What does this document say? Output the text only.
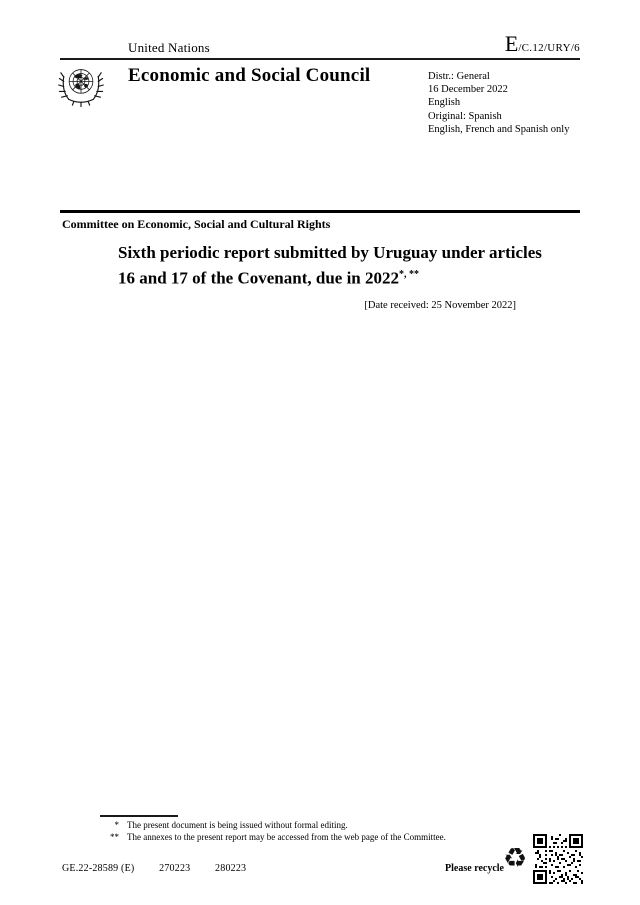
United Nations	E/C.12/URY/6
Economic and Social Council	Distr.: General
16 December 2022
English
Original: Spanish
English, French and Spanish only
Committee on Economic, Social and Cultural Rights
Sixth periodic report submitted by Uruguay under articles 16 and 17 of the Covenant, due in 2022*, **
[Date received: 25 November 2022]
* The present document is being issued without formal editing.
** The annexes to the present report may be accessed from the web page of the Committee.
GE.22-28589 (E) 270223 280223	Please recycle ♻
